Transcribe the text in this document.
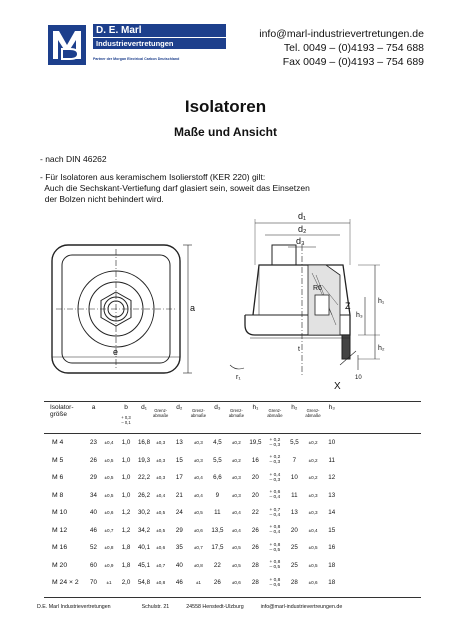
D. E. Marl
Industrievertretungen
Partner der Morgan Electrical Carbon Deutschland
info@marl-industrievertretungen.de
Tel. 0049 – (0)4193 – 754 688
Fax 0049 – (0)4193 – 754 689
Isolatoren
Maße und Ansicht
- nach DIN 46262
- Für Isolatoren aus keramischem Isolierstoff (KER 220) gilt:
Auch die Sechskant-Vertiefung darf glasiert sein, soweit das Einsetzen
der Bolzen nicht behindert wird.
a
e
d₁
d₂
d₃
R6
Z	h₁
h₃
h₂
X
t
r₁	10
Isolator-
größe	a		b
+ 0,3
– 0,1	d₁	Grenz-
abmaße	d₂	Grenz-
abmaße	d₃	Grenz-
abmaße	h₁	Grenz-
abmaße	h₂	Grenz-
abmaße	h₃	
M 4	23	±0,4	1,0	16,8	±0,3	13	±0,3	4,5	±0,2	19,5	+ 0,2
– 0,3	5,5	±0,2	10	
M 5	26	±0,5	1,0	19,3	±0,3	15	±0,3	5,5	±0,2	16	+ 0,2
– 0,3	7	±0,2	11	
M 6	29	±0,5	1,0	22,2	±0,3	17	±0,4	6,6	±0,3	20	+ 0,4
– 0,3	10	±0,2	12	
M 8	34	±0,5	1,0	26,2	±0,4	21	±0,4	9	±0,3	20	+ 0,6
– 0,4	11	±0,3	13	
M 10	40	±0,6	1,2	30,2	±0,5	24	±0,5	11	±0,4	22	+ 0,7
– 0,4	13	±0,3	14	
M 12	46	±0,7	1,2	34,2	±0,5	29	±0,6	13,5	±0,4	26	+ 0,8
– 0,4	20	±0,4	15	
M 16	52	±0,8	1,8	40,1	±0,6	35	±0,7	17,5	±0,5	26	+ 0,8
– 0,5	25	±0,5	16	
M 20	60	±0,9	1,8	45,1	±0,7	40	±0,8	22	±0,5	28	+ 0,8
– 0,5	25	±0,5	18	
M 24 × 2	70	±1	2,0	54,8	±0,8	46	±1	26	±0,6	28	+ 0,8
– 0,6	28	±0,6	18	
D.E. Marl Industrievertretungen	Schulstr. 21	24558 Henstedt-Ulzburg	info@marl-industrievertreungen.de
